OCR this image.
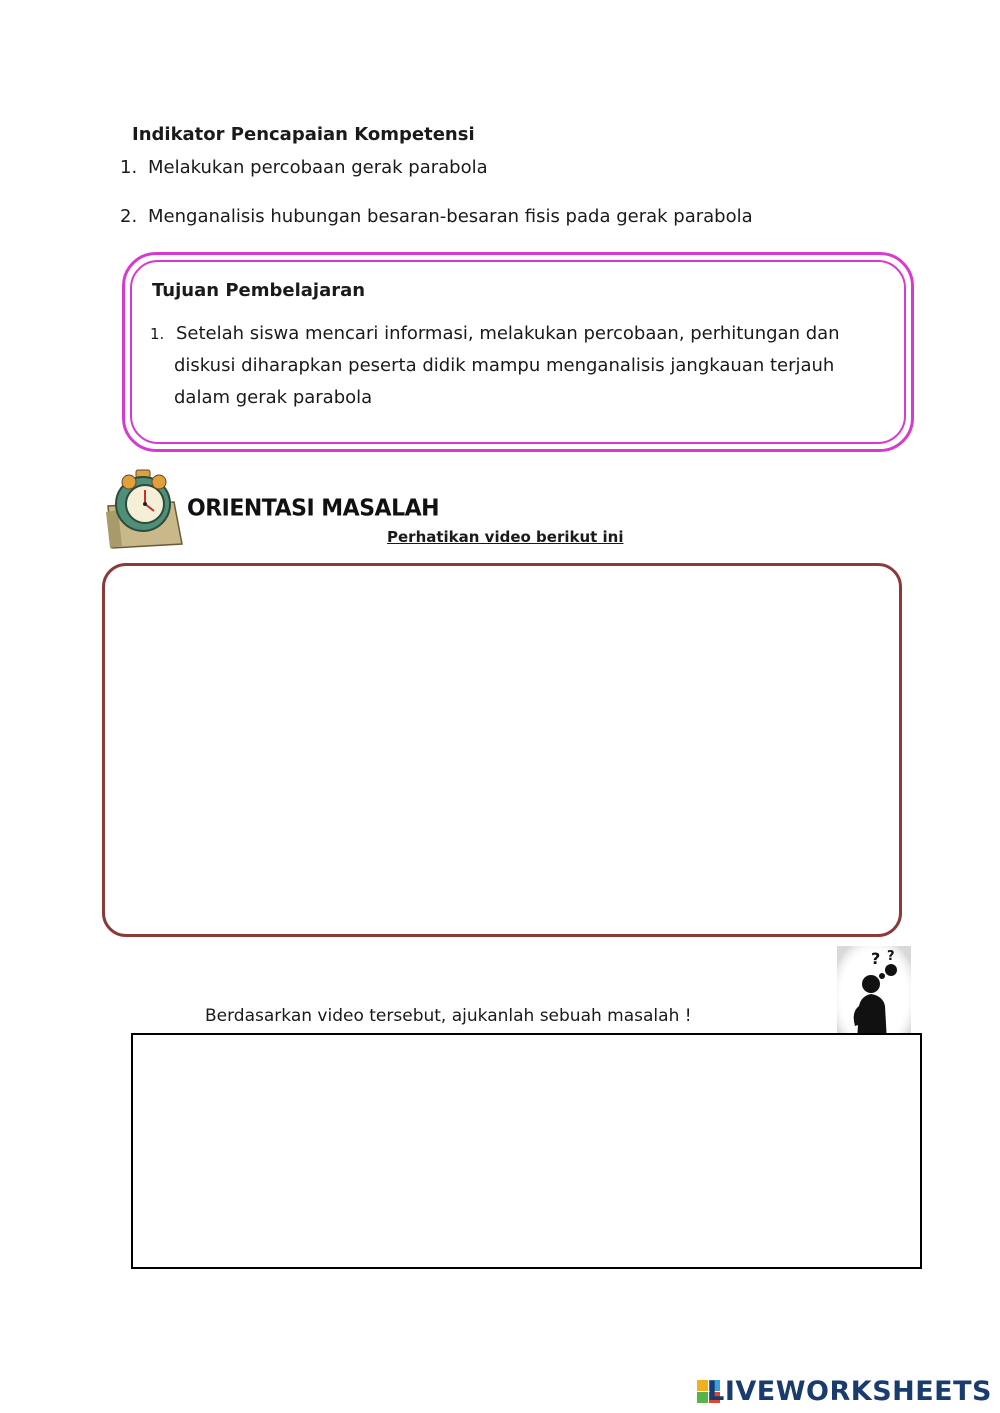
Indikator Pencapaian Kompetensi
1. Melakukan percobaan gerak parabola
2. Menganalisis hubungan besaran-besaran fisis pada gerak parabola
Tujuan Pembelajaran
1. Setelah siswa mencari informasi, melakukan percobaan, perhitungan dan
diskusi diharapkan peserta didik mampu menganalisis jangkauan terjauh
dalam gerak parabola
ORIENTASI MASALAH
Perhatikan video berikut ini
? ?
Berdasarkan video tersebut, ajukanlah sebuah masalah !
LIVEWORKSHEETS
